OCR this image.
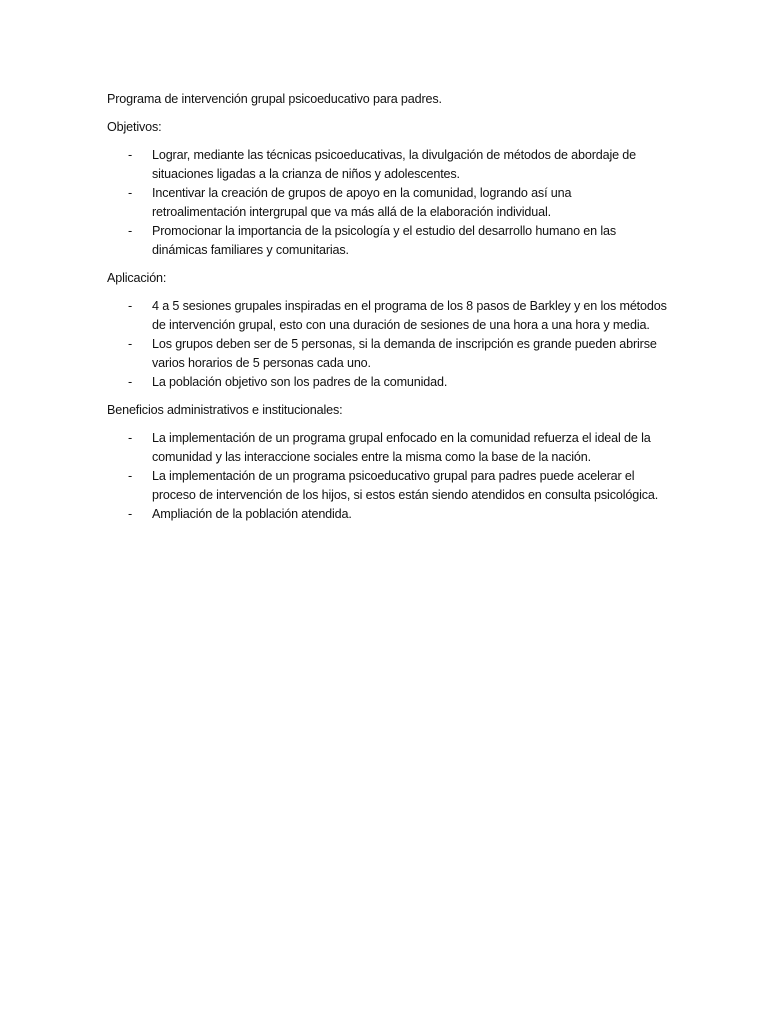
Programa de intervención grupal psicoeducativo para padres.

Objetivos:

- Lograr, mediante las técnicas psicoeducativas, la divulgación de métodos de abordaje de situaciones ligadas a la crianza de niños y adolescentes.
- Incentivar la creación de grupos de apoyo en la comunidad, logrando así una retroalimentación intergrupal que va más allá de la elaboración individual.
- Promocionar la importancia de la psicología y el estudio del desarrollo humano en las dinámicas familiares y comunitarias.

Aplicación:

- 4 a 5 sesiones grupales inspiradas en el programa de los 8 pasos de Barkley y en los métodos de intervención grupal, esto con una duración de sesiones de una hora a una hora y media.
- Los grupos deben ser de 5 personas, si la demanda de inscripción es grande pueden abrirse varios horarios de 5 personas cada uno.
- La población objetivo son los padres de la comunidad.

Beneficios administrativos e institucionales:

- La implementación de un programa grupal enfocado en la comunidad refuerza el ideal de la comunidad y las interaccione sociales entre la misma como la base de la nación.
- La implementación de un programa psicoeducativo grupal para padres puede acelerar el proceso de intervención de los hijos, si estos están siendo atendidos en consulta psicológica.
- Ampliación de la población atendida.
